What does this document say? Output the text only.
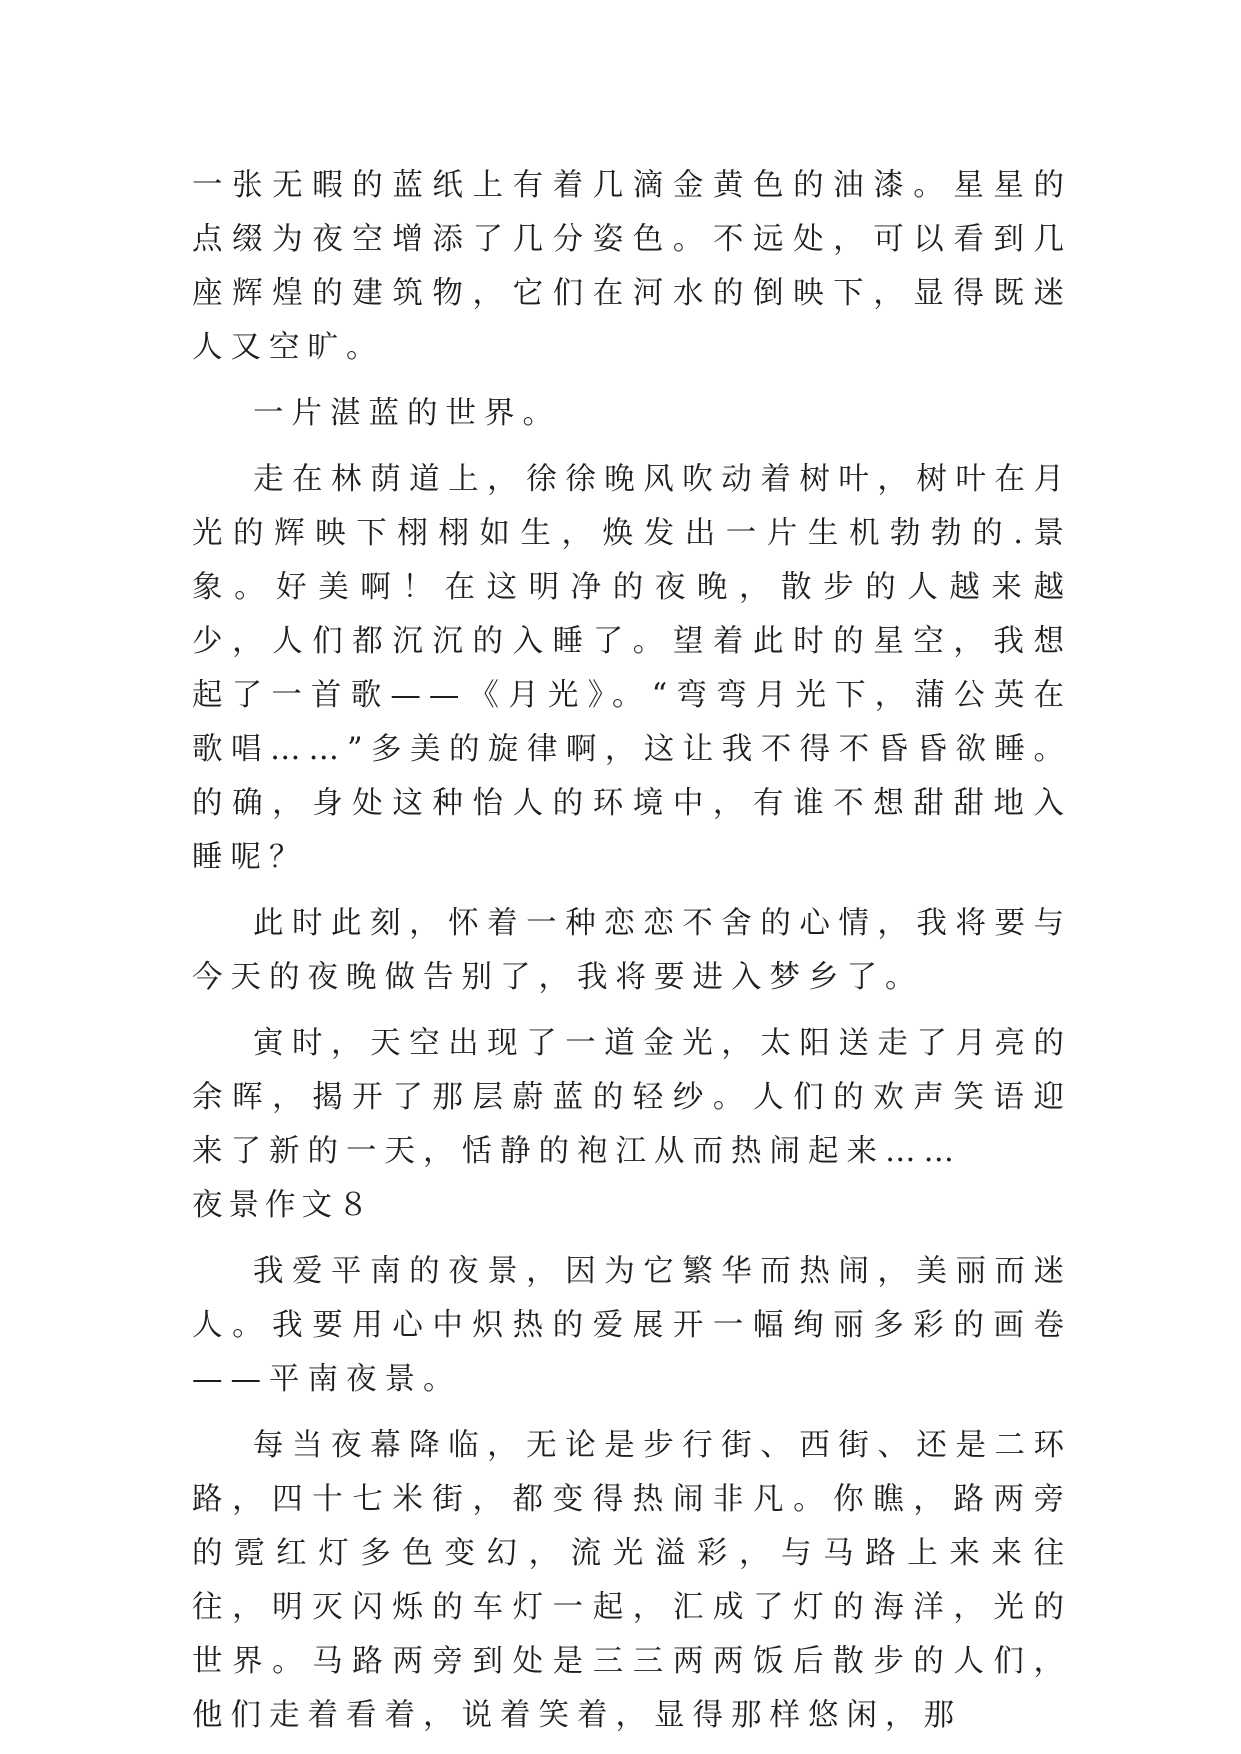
一张无暇的蓝纸上有着几滴金黄色的油漆。星星的点缀为夜空增添了几分姿色。不远处，可以看到几座辉煌的建筑物，它们在河水的倒映下，显得既迷人又空旷。

一片湛蓝的世界。

走在林荫道上，徐徐晚风吹动着树叶，树叶在月光的辉映下栩栩如生，焕发出一片生机勃勃的.景象。好美啊！在这明净的夜晚，散步的人越来越少，人们都沉沉的入睡了。望着此时的星空，我想起了一首歌——《月光》。“弯弯月光下，蒲公英在歌唱……”多美的旋律啊，这让我不得不昏昏欲睡。的确，身处这种怡人的环境中，有谁不想甜甜地入睡呢？

此时此刻，怀着一种恋恋不舍的心情，我将要与今天的夜晚做告别了，我将要进入梦乡了。

寅时，天空出现了一道金光，太阳送走了月亮的余晖，揭开了那层蔚蓝的轻纱。人们的欢声笑语迎来了新的一天，恬静的袍江从而热闹起来……

夜景作文８

我爱平南的夜景，因为它繁华而热闹，美丽而迷人。我要用心中炽热的爱展开一幅绚丽多彩的画卷——平南夜景。

每当夜幕降临，无论是步行街、西街、还是二环路，四十七米街，都变得热闹非凡。你瞧，路两旁的霓红灯多色变幻，流光溢彩，与马路上来来往往，明灭闪烁的车灯一起，汇成了灯的海洋，光的世界。马路两旁到处是三三两两饭后散步的人们，他们走着看着，说着笑着，显得那样悠闲，那
